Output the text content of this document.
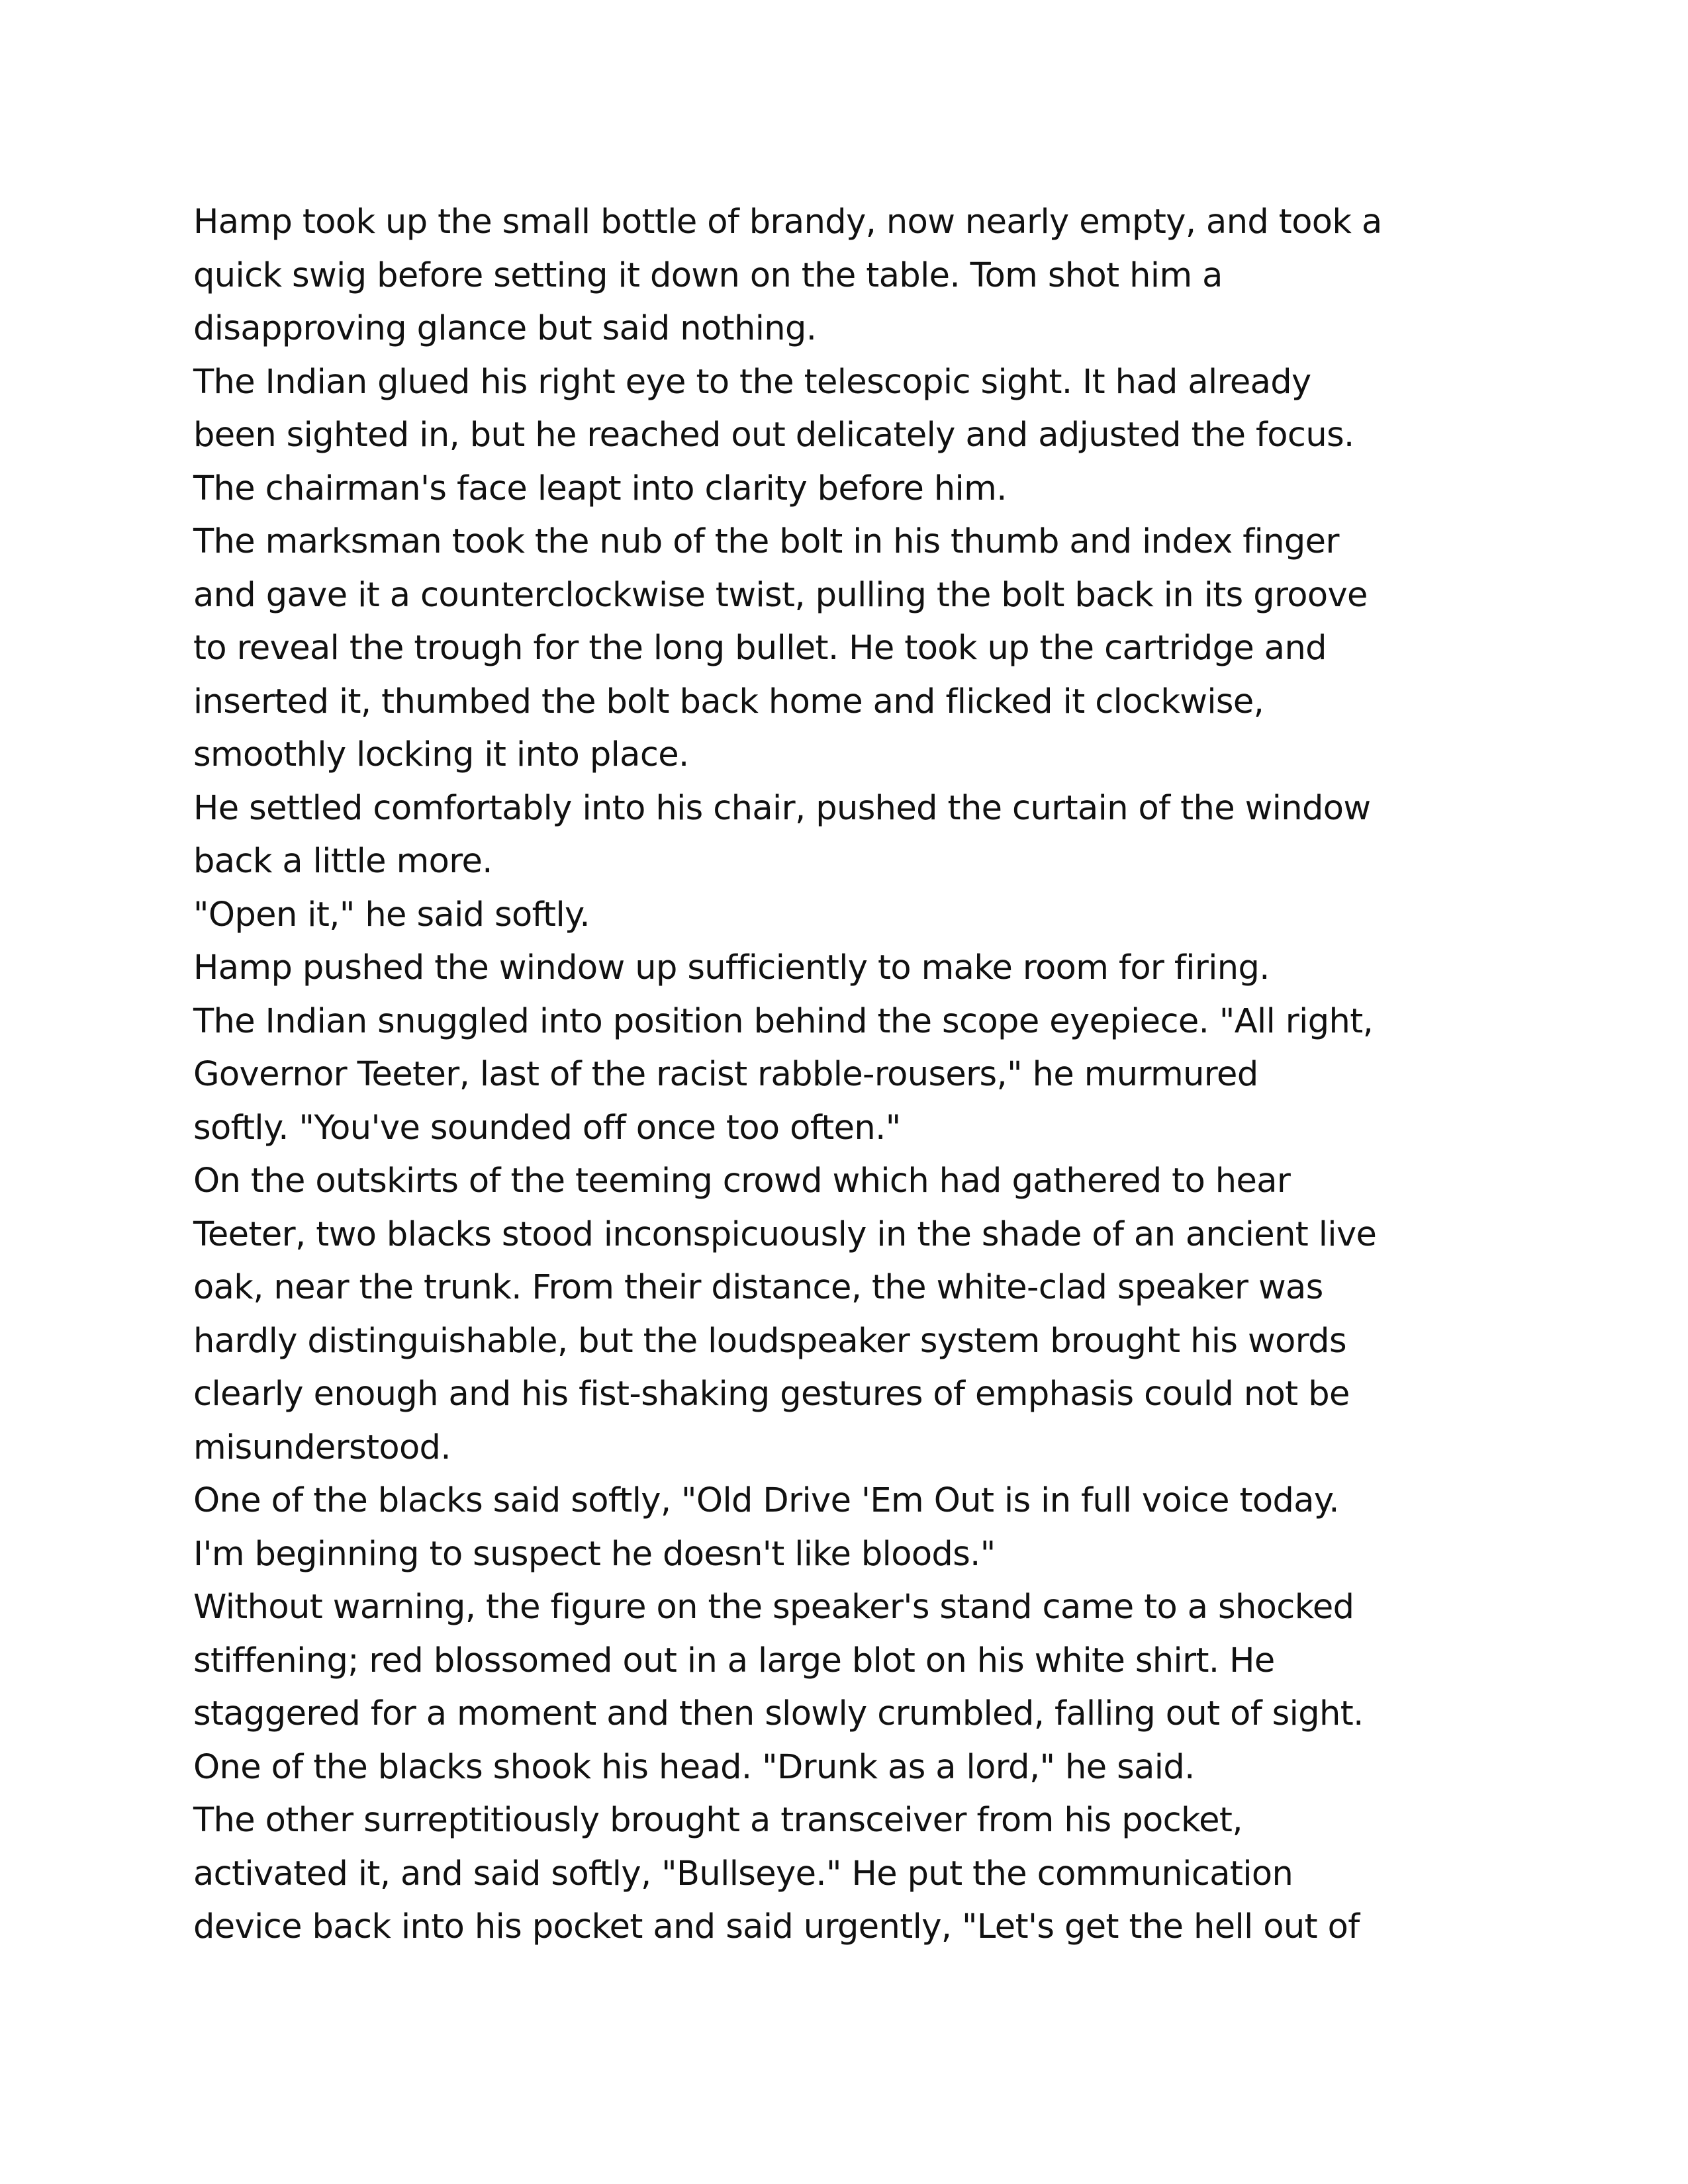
Hamp took up the small bottle of brandy, now nearly empty, and took a
quick swig before setting it down on the table. Tom shot him a
disapproving glance but said nothing.
The Indian glued his right eye to the telescopic sight. It had already
been sighted in, but he reached out delicately and adjusted the focus.
The chairman's face leapt into clarity before him.
The marksman took the nub of the bolt in his thumb and index finger
and gave it a counterclockwise twist, pulling the bolt back in its groove
to reveal the trough for the long bullet. He took up the cartridge and
inserted it, thumbed the bolt back home and flicked it clockwise,
smoothly locking it into place.
He settled comfortably into his chair, pushed the curtain of the window
back a little more.
"Open it," he said softly.
Hamp pushed the window up sufficiently to make room for firing.
The Indian snuggled into position behind the scope eyepiece. "All right,
Governor Teeter, last of the racist rabble-rousers," he murmured
softly. "You've sounded off once too often."
On the outskirts of the teeming crowd which had gathered to hear
Teeter, two blacks stood inconspicuously in the shade of an ancient live
oak, near the trunk. From their distance, the white-clad speaker was
hardly distinguishable, but the loudspeaker system brought his words
clearly enough and his fist-shaking gestures of emphasis could not be
misunderstood.
One of the blacks said softly, "Old Drive 'Em Out is in full voice today.
I'm beginning to suspect he doesn't like bloods."
Without warning, the figure on the speaker's stand came to a shocked
stiffening; red blossomed out in a large blot on his white shirt. He
staggered for a moment and then slowly crumbled, falling out of sight.
One of the blacks shook his head. "Drunk as a lord," he said.
The other surreptitiously brought a transceiver from his pocket,
activated it, and said softly, "Bullseye." He put the communication
device back into his pocket and said urgently, "Let's get the hell out of
